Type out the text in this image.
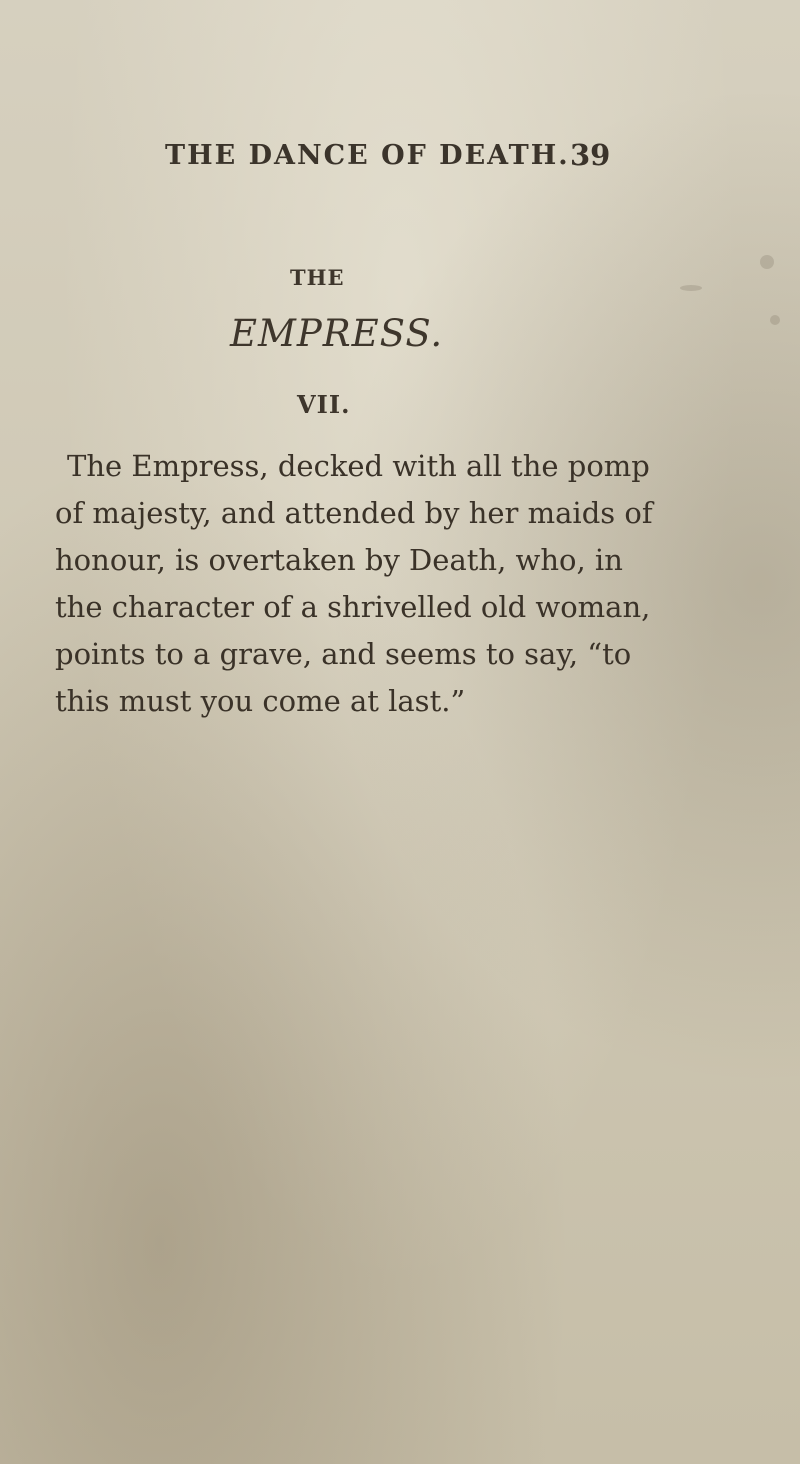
THE DANCE OF DEATH. 39
THE
EMPRESS.
VII.

The Empress, decked with all the pomp

of majesty, and attended by her maids of

honour, is overtaken by Death, who, in

the character of a shrivelled old woman,

points to a grave, and seems to say, “to

this must you come at last.”
